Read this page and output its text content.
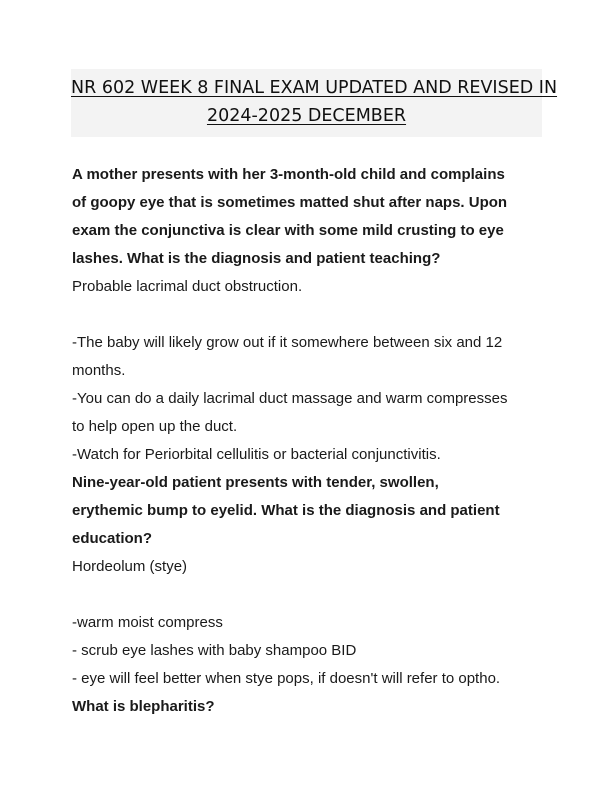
NR 602 WEEK 8 FINAL EXAM UPDATED AND REVISED IN
2024-2025 DECEMBER
A mother presents with her 3-month-old child and complains
of goopy eye that is sometimes matted shut after naps. Upon
exam the conjunctiva is clear with some mild crusting to eye
lashes. What is the diagnosis and patient teaching?
Probable lacrimal duct obstruction.
-The baby will likely grow out if it somewhere between six and 12
months.
-You can do a daily lacrimal duct massage and warm compresses
to help open up the duct.
-Watch for Periorbital cellulitis or bacterial conjunctivitis.
Nine-year-old patient presents with tender, swollen,
erythemic bump to eyelid. What is the diagnosis and patient
education?
Hordeolum (stye)
-warm moist compress
- scrub eye lashes with baby shampoo BID
- eye will feel better when stye pops, if doesn't will refer to optho.
What is blepharitis?
